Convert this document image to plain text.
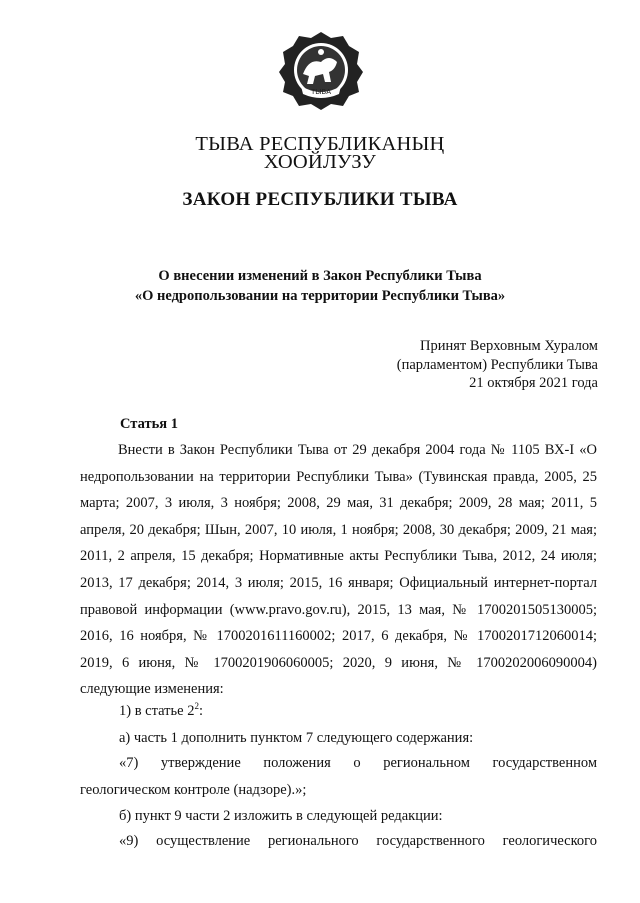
ТЫВА
ТЫВА РЕСПУБЛИКАНЫҢ
ХООЙЛУЗУ
ЗАКОН РЕСПУБЛИКИ ТЫВА
О внесении изменений в Закон Республики Тыва
«О недропользовании на территории Республики Тыва»
Принят Верховным Хуралом
(парламентом) Республики Тыва
21 октября 2021 года
Статья 1

Внести в Закон Республики Тыва от 29 декабря 2004 года № 1105 ВХ-I «О недропользовании на территории Республики Тыва» (Тувинская правда, 2005, 25 марта; 2007, 3 июля, 3 ноября; 2008, 29 мая, 31 декабря; 2009, 28 мая; 2011, 5 апреля, 20 декабря; Шын, 2007, 10 июля, 1 ноября; 2008, 30 декабря; 2009, 21 мая; 2011, 2 апреля, 15 декабря; Нормативные акты Республики Тыва, 2012, 24 июля; 2013, 17 декабря; 2014, 3 июля; 2015, 16 января; Официальный интернет-портал правовой информации (www.pravo.gov.ru), 2015, 13 мая, № 1700201505130005; 2016, 16 ноября, № 1700201611160002; 2017, 6 декабря, № 1700201712060014; 2019, 6 июня, № 1700201906060005; 2020, 9 июня, № 1700202006090004) следующие изменения:

1) в статье $2^2$:
а) часть 1 дополнить пунктом 7 следующего содержания:
«7) утверждение положения о региональном государственном
геологическом контроле (надзоре).»;
б) пункт 9 части 2 изложить в следующей редакции:
«9) осуществление регионального государственного геологического
